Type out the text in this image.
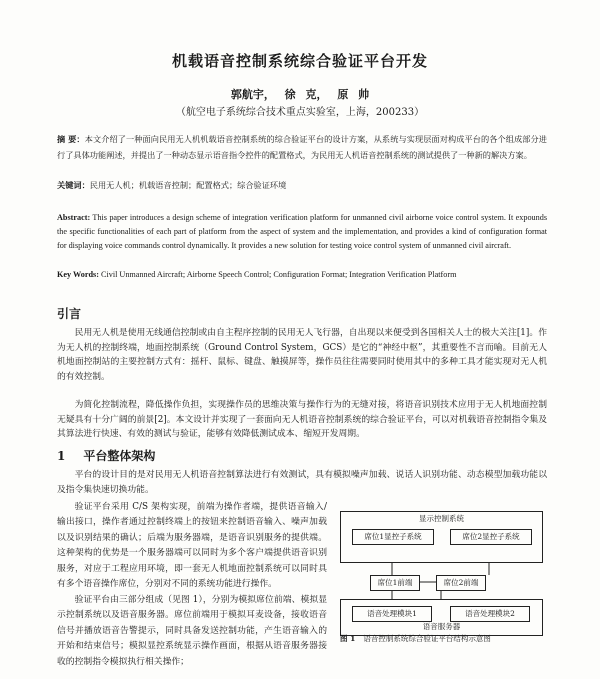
机载语音控制系统综合验证平台开发
郭航宇， 徐 克， 原 帅
（航空电子系统综合技术重点实验室，上海，200233）

摘 要：本文介绍了一种面向民用无人机机载语音控制系统的综合验证平台的设计方案，从系统与实现层面对构成平台的各个组成部分进行了具体功能阐述，并提出了一种动态显示语音指令控件的配置格式，为民用无人机语音控制系统的测试提供了一种新的解决方案。

关键词：民用无人机；机载语音控制；配置格式；综合验证环境

Abstract: This paper introduces a design scheme of integration verification platform for unmanned civil airborne voice control system. It expounds the specific functionalities of each part of platform from the aspect of system and the implementation, and provides a kind of configuration format for displaying voice commands control dynamically. It provides a new solution for testing voice control system of unmanned civil aircraft.

Key Words: Civil Unmanned Aircraft; Airborne Speech Control; Configuration Format; Integration Verification Platform

引言

民用无人机是使用无线通信控制或由自主程序控制的民用无人飞行器，自出现以来便受到各国相关人士的极大关注[1]。作为无人机的控制终端，地面控制系统（Ground Control System，GCS）是它的“神经中枢”，其重要性不言而喻。目前无人机地面控制站的主要控制方式有：摇杆、鼠标、键盘、触摸屏等，操作员往往需要同时使用其中的多种工具才能实现对无人机的有效控制。

为简化控制流程，降低操作负担，实现操作员的思维决策与操作行为的无缝对接，将语音识别技术应用于无人机地面控制无疑具有十分广阔的前景[2]。本文设计并实现了一套面向无人机语音控制系统的综合验证平台，可以对机载语音控制指令集及其算法进行快速、有效的测试与验证，能够有效降低测试成本、缩短开发周期。

1 平台整体架构

平台的设计目的是对民用无人机语音控制算法进行有效测试，具有模拟噪声加载、说话人识别功能、动态模型加载功能以及指令集快速切换功能。

验证平台采用 C/S 架构实现，前端为操作者端，提供语音输入/输出接口，操作者通过控制终端上的按钮来控制语音输入、噪声加载以及识别结果的确认；后端为服务器端，是语音识别服务的提供端。这种架构的优势是一个服务器端可以同时为多个客户端提供语音识别服务，对应于工程应用环境，即一套无人机地面控制系统可以同时具有多个语音操作席位，分别对不同的系统功能进行操作。

验证平台由三部分组成（见图 1），分别为模拟席位前端、模拟显示控制系统以及语音服务器。席位前端用于模拟耳麦设备，接收语音信号并播放语音告警提示，同时具备发送控制功能，产生语音输入的开始和结束信号；模拟显控系统显示操作画面，根据从语音服务器接收的控制指令模拟执行相关操作；

显示控制系统
席位1显控子系统	席位2显控子系统
席位1前端	席位2前端
语音服务器
语音处理模块1	语音处理模块2
图 1 语音控制系统综合验证平台结构示意图
